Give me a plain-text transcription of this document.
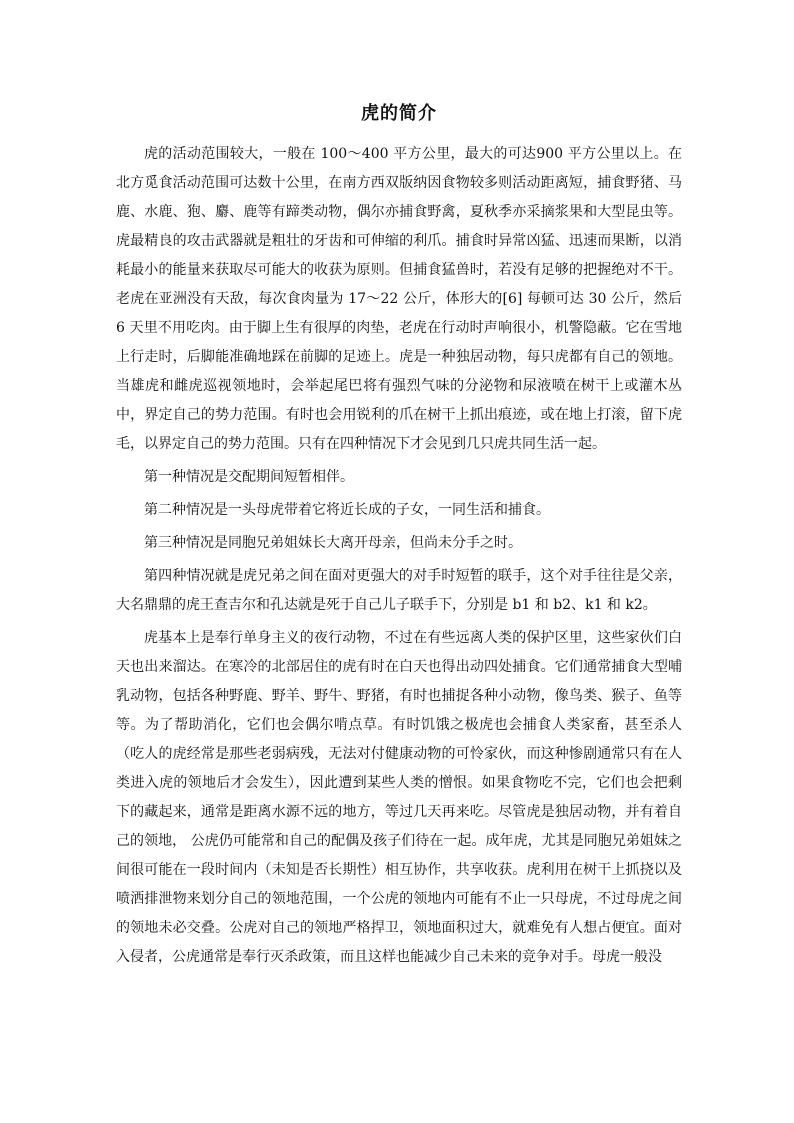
虎的简介

虎的活动范围较大，一般在 100～400 平方公里，最大的可达900 平方公里以上。在北方觅食活动范围可达数十公里，在南方西双版纳因食物较多则活动距离短，捕食野猪、马鹿、水鹿、狍、麝、鹿等有蹄类动物，偶尔亦捕食野禽，夏秋季亦采摘浆果和大型昆虫等。虎最精良的攻击武器就是粗壮的牙齿和可伸缩的利爪。捕食时异常凶猛、迅速而果断，以消耗最小的能量来获取尽可能大的收获为原则。但捕食猛兽时，若没有足够的把握绝对不干。老虎在亚洲没有天敌，每次食肉量为 17～22 公斤，体形大的[6] 每顿可达 30 公斤，然后 6 天里不用吃肉。由于脚上生有很厚的肉垫，老虎在行动时声响很小，机警隐蔽。它在雪地上行走时，后脚能准确地踩在前脚的足迹上。虎是一种独居动物，每只虎都有自己的领地。当雄虎和雌虎巡视领地时，会举起尾巴将有强烈气味的分泌物和尿液喷在树干上或灌木丛中，界定自己的势力范围。有时也会用锐利的爪在树干上抓出痕迹，或在地上打滚，留下虎毛，以界定自己的势力范围。只有在四种情况下才会见到几只虎共同生活一起。

第一种情况是交配期间短暂相伴。

第二种情况是一头母虎带着它将近长成的子女，一同生活和捕食。

第三种情况是同胞兄弟姐妹长大离开母亲，但尚未分手之时。

第四种情况就是虎兄弟之间在面对更强大的对手时短暂的联手，这个对手往往是父亲，大名鼎鼎的虎王查吉尔和孔达就是死于自己儿子联手下，分别是 b1 和 b2、k1 和 k2。

虎基本上是奉行单身主义的夜行动物，不过在有些远离人类的保护区里，这些家伙们白天也出来溜达。在寒冷的北部居住的虎有时在白天也得出动四处捕食。它们通常捕食大型哺乳动物，包括各种野鹿、野羊、野牛、野猪，有时也捕捉各种小动物，像鸟类、猴子、鱼等等。为了帮助消化，它们也会偶尔啃点草。有时饥饿之极虎也会捕食人类家畜，甚至杀人（吃人的虎经常是那些老弱病残，无法对付健康动物的可怜家伙，而这种惨剧通常只有在人类进入虎的领地后才会发生），因此遭到某些人类的憎恨。如果食物吃不完，它们也会把剩下的藏起来，通常是距离水源不远的地方，等过几天再来吃。尽管虎是独居动物，并有着自己的领地， 公虎仍可能常和自己的配偶及孩子们待在一起。成年虎，尤其是同胞兄弟姐妹之间很可能在一段时间内（未知是否长期性）相互协作，共享收获。虎利用在树干上抓挠以及喷洒排泄物来划分自己的领地范围，一个公虎的领地内可能有不止一只母虎，不过母虎之间的领地未必交叠。公虎对自己的领地严格捍卫，领地面积过大，就难免有人想占便宜。面对入侵者，公虎通常是奉行灭杀政策，而且这样也能减少自己未来的竞争对手。母虎一般没
